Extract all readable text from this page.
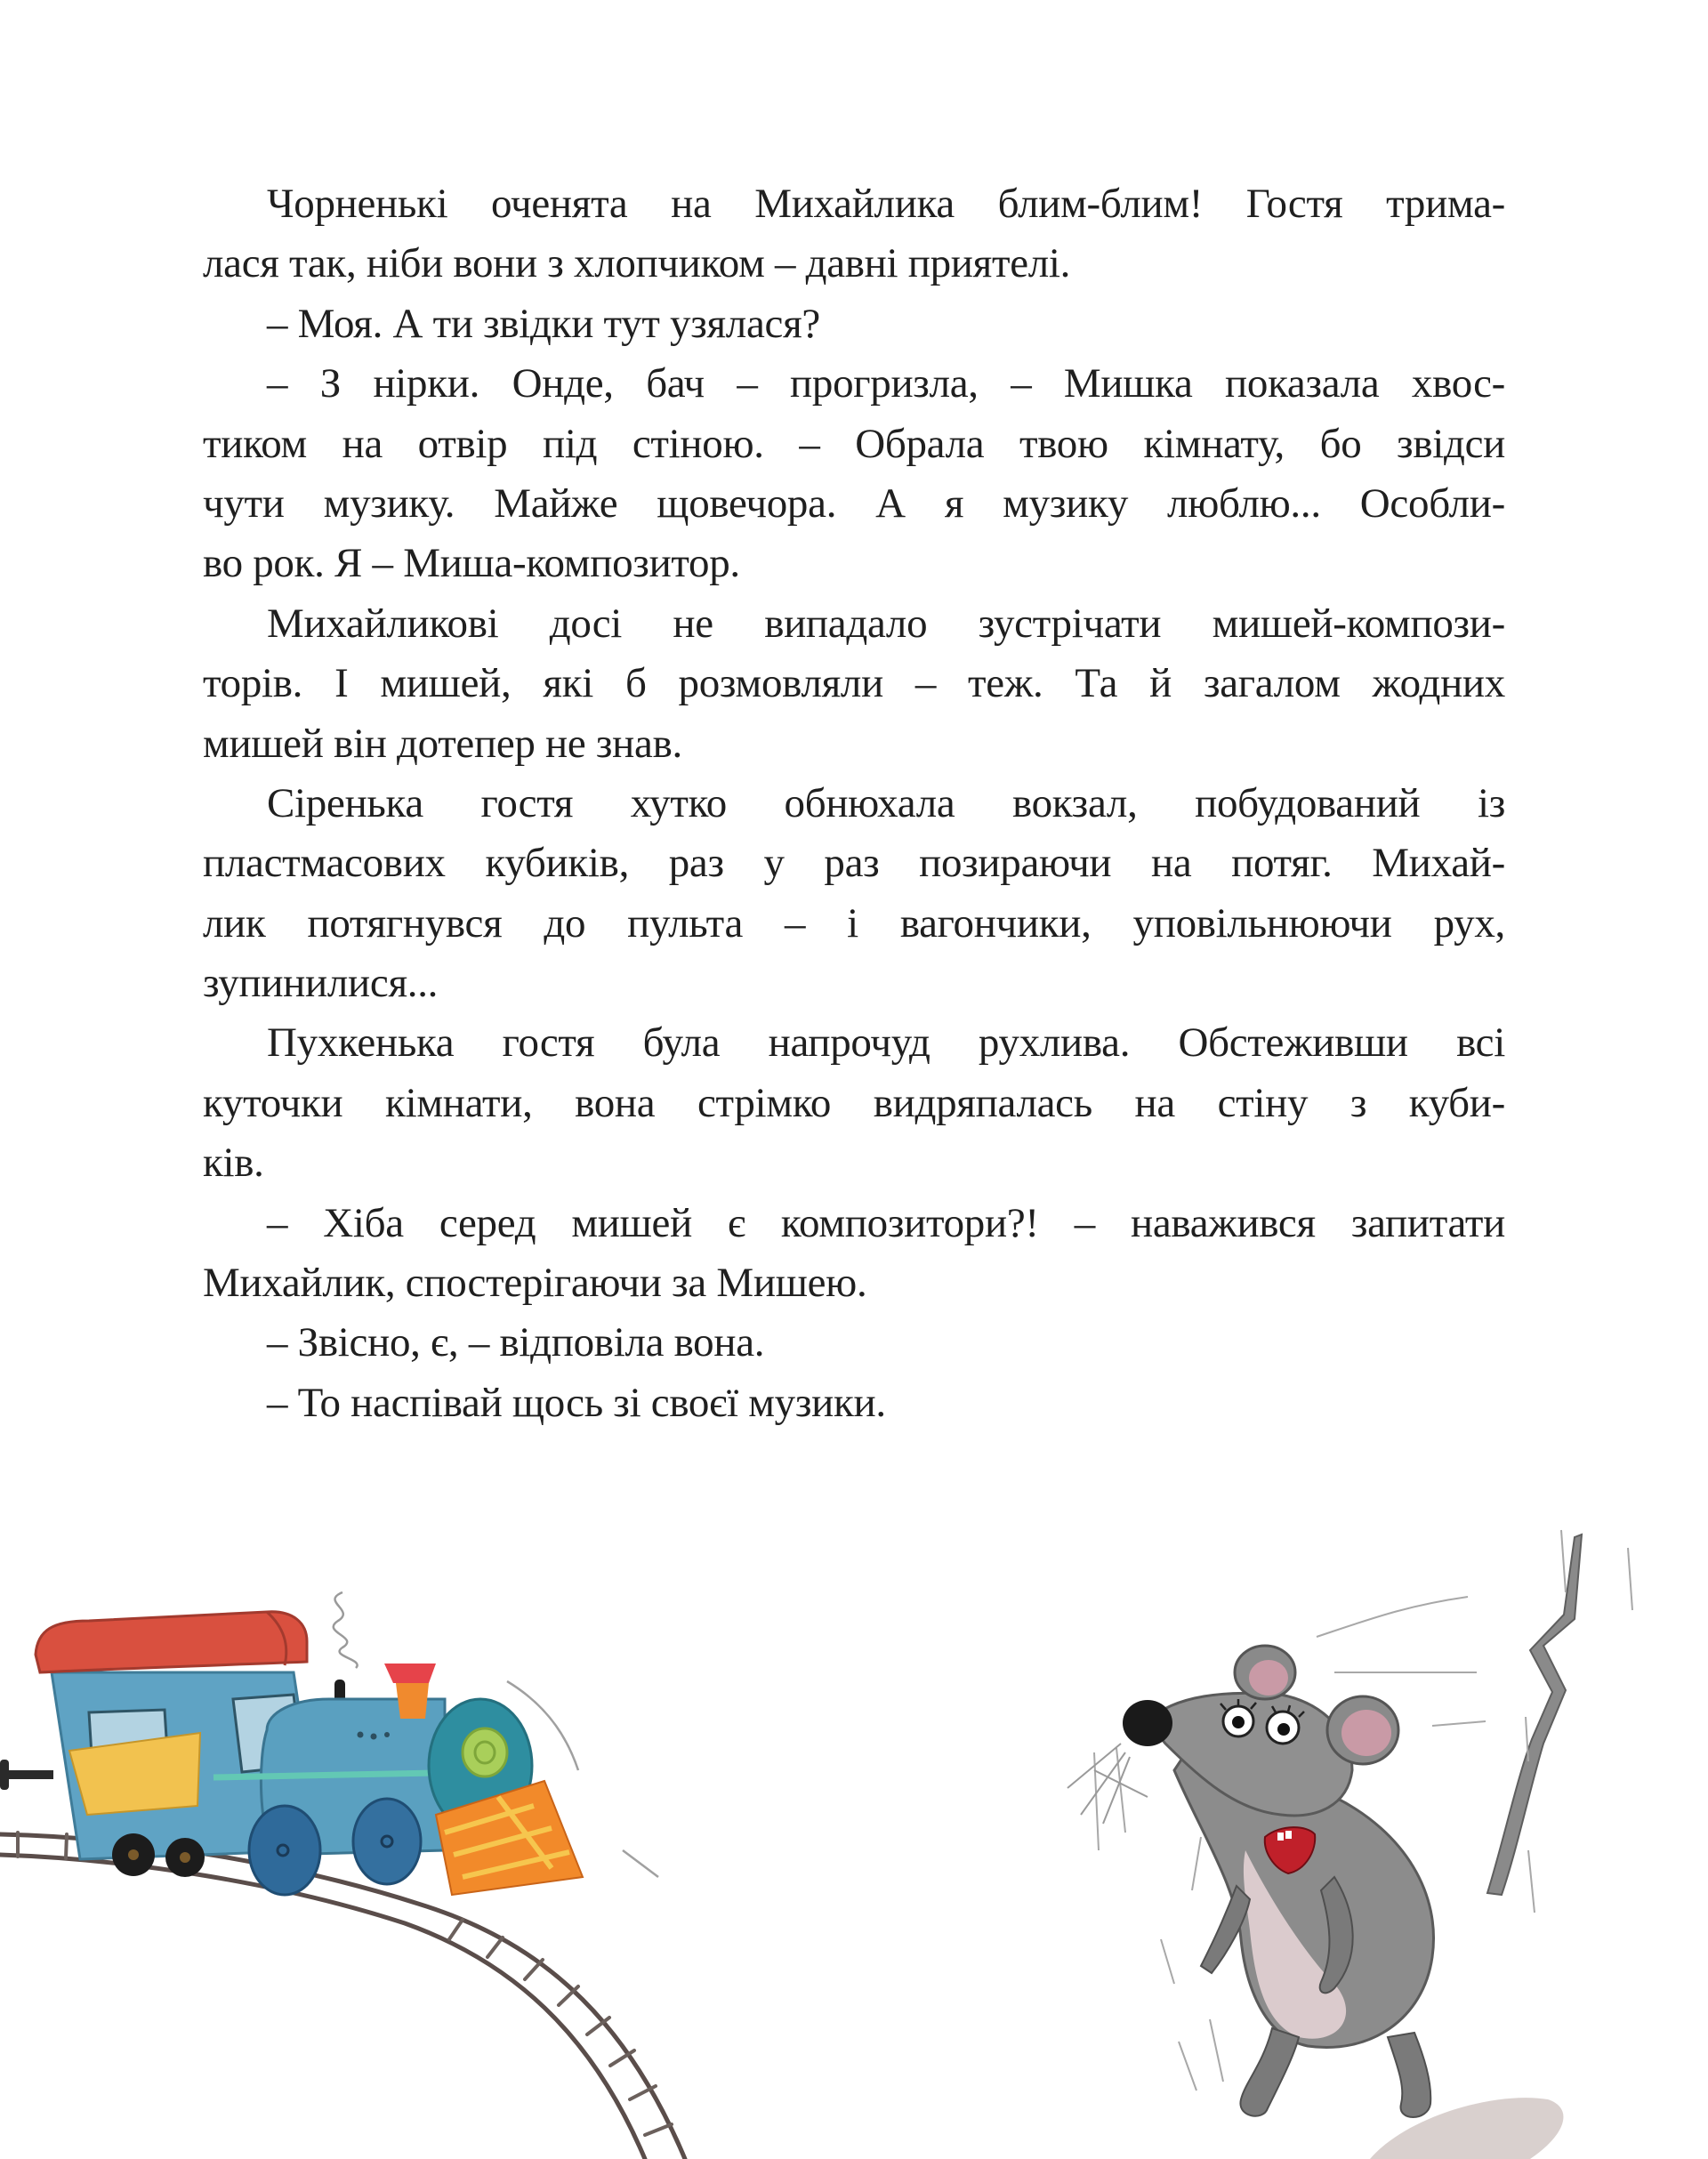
Чорненькі оченята на Михайлика блим-блим! Гостя трима-
лася так, ніби вони з хлопчиком – давні приятелі.
– Моя. А ти звідки тут узялася?
– З нірки. Онде, бач – прогризла, – Мишка показала хвос-
тиком на отвір під стіною. – Обрала твою кімнату, бо звідси
чути музику. Майже щовечора. А я музику люблю... Особли-
во рок. Я – Миша-композитор.
Михайликові досі не випадало зустрічати мишей-компози-
торів. І мишей, які б розмовляли – теж. Та й загалом жодних
мишей він дотепер не знав.
Сіренька гостя хутко обнюхала вокзал, побудований із
пластмасових кубиків, раз у раз позираючи на потяг. Михай-
лик потягнувся до пульта – і вагончики, уповільнюючи рух,
зупинилися...
Пухкенька гостя була напрочуд рухлива. Обстеживши всі
куточки кімнати, вона стрімко видряпалась на стіну з куби-
ків.
– Хіба серед мишей є композитори?! – наважився запитати
Михайлик, спостерігаючи за Мишею.
– Звісно, є, – відповіла вона.
– То наспівай щось зі своєї музики.
